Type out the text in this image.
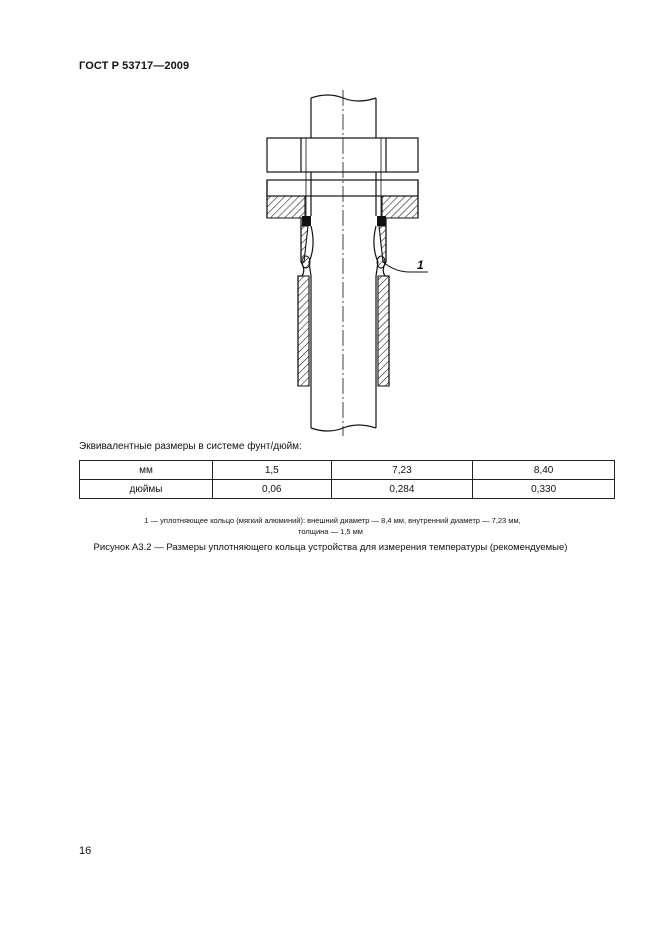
ГОСТ Р 53717—2009
1
Эквивалентные размеры в системе фунт/дюйм:
мм	1,5	7,23	8,40
дюймы	0,06	0,284	0,330
1 — уплотняющее кольцо (мягкий алюминий): внешний диаметр — 8,4 мм, внутренний диаметр — 7,23 мм,
толщина — 1,5 мм
Рисунок А3.2 — Размеры уплотняющего кольца устройства для измерения температуры (рекомендуемые)
16
